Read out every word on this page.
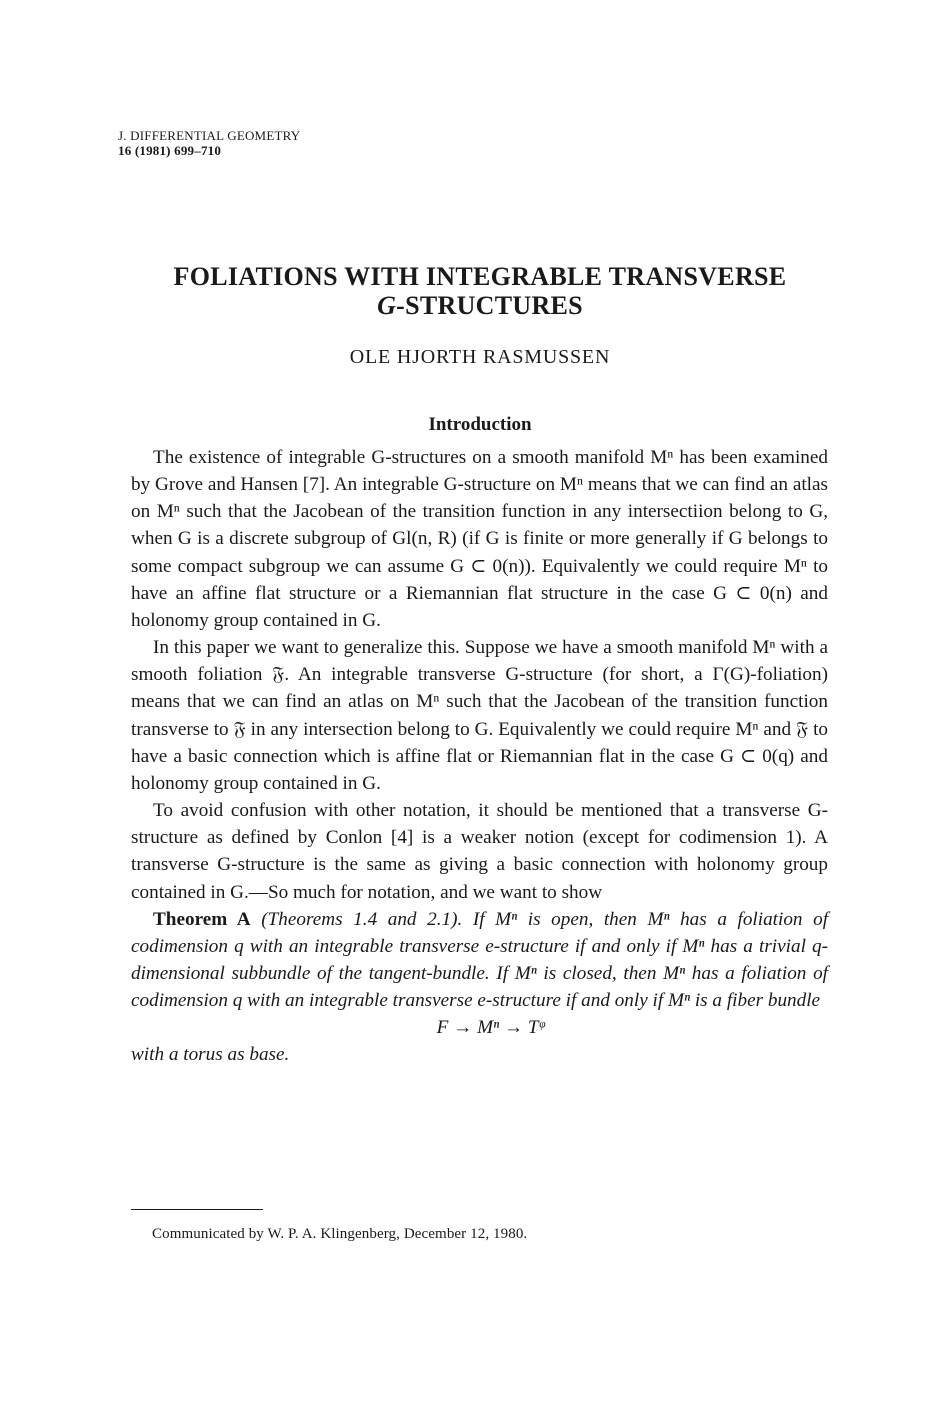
J. DIFFERENTIAL GEOMETRY
16 (1981) 699–710
FOLIATIONS WITH INTEGRABLE TRANSVERSE
G-STRUCTURES
OLE HJORTH RASMUSSEN
Introduction

The existence of integrable G-structures on a smooth manifold Mⁿ has been examined by Grove and Hansen [7]. An integrable G-structure on Mⁿ means that we can find an atlas on Mⁿ such that the Jacobean of the transition function in any intersectiion belong to G, when G is a discrete subgroup of Gl(n, R) (if G is finite or more generally if G belongs to some compact subgroup we can assume G ⊂ 0(n)). Equivalently we could require Mⁿ to have an affine flat structure or a Riemannian flat structure in the case G ⊂ 0(n) and holonomy group contained in G.

In this paper we want to generalize this. Suppose we have a smooth manifold Mⁿ with a smooth foliation 𝔉. An integrable transverse G-structure (for short, a Γ(G)-foliation) means that we can find an atlas on Mⁿ such that the Jacobean of the transition function transverse to 𝔉 in any intersection belong to G. Equivalently we could require Mⁿ and 𝔉 to have a basic connection which is affine flat or Riemannian flat in the case G ⊂ 0(q) and holonomy group contained in G.

To avoid confusion with other notation, it should be mentioned that a transverse G-structure as defined by Conlon [4] is a weaker notion (except for codimension 1). A transverse G-structure is the same as giving a basic connection with holonomy group contained in G.—So much for notation, and we want to show

Theorem A (Theorems 1.4 and 2.1). If Mⁿ is open, then Mⁿ has a foliation of codimension q with an integrable transverse e-structure if and only if Mⁿ has a trivial q-dimensional subbundle of the tangent-bundle. If Mⁿ is closed, then Mⁿ has a foliation of codimension q with an integrable transverse e-structure if and only if Mⁿ is a fiber bundle

F → Mⁿ → Tᵠ

with a torus as base.

Communicated by W. P. A. Klingenberg, December 12, 1980.
